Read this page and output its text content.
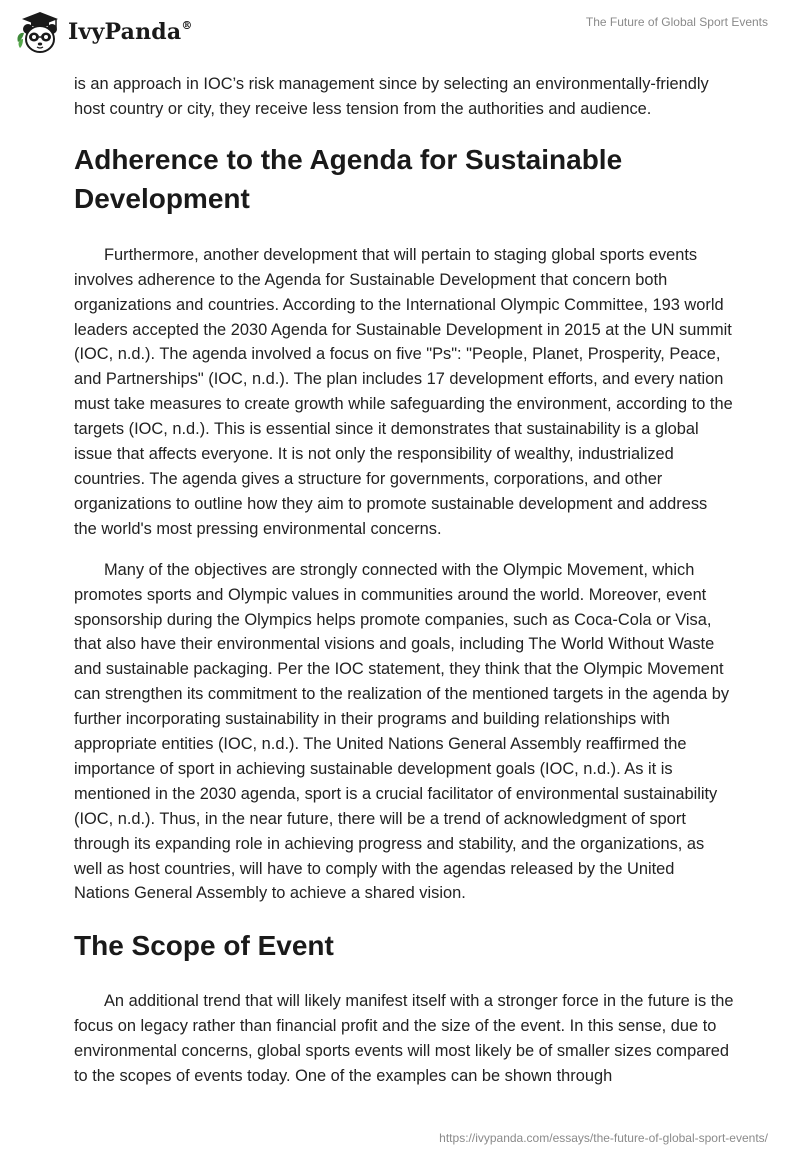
IvyPanda®	The Future of Global Sport Events

is an approach in IOC’s risk management since by selecting an environmentally-friendly host country or city, they receive less tension from the authorities and audience.

Adherence to the Agenda for Sustainable Development

Furthermore, another development that will pertain to staging global sports events involves adherence to the Agenda for Sustainable Development that concern both organizations and countries. According to the International Olympic Committee, 193 world leaders accepted the 2030 Agenda for Sustainable Development in 2015 at the UN summit (IOC, n.d.). The agenda involved a focus on five "Ps": "People, Planet, Prosperity, Peace, and Partnerships" (IOC, n.d.). The plan includes 17 development efforts, and every nation must take measures to create growth while safeguarding the environment, according to the targets (IOC, n.d.). This is essential since it demonstrates that sustainability is a global issue that affects everyone. It is not only the responsibility of wealthy, industrialized countries. The agenda gives a structure for governments, corporations, and other organizations to outline how they aim to promote sustainable development and address the world's most pressing environmental concerns.

Many of the objectives are strongly connected with the Olympic Movement, which promotes sports and Olympic values in communities around the world. Moreover, event sponsorship during the Olympics helps promote companies, such as Coca-Cola or Visa, that also have their environmental visions and goals, including The World Without Waste and sustainable packaging. Per the IOC statement, they think that the Olympic Movement can strengthen its commitment to the realization of the mentioned targets in the agenda by further incorporating sustainability in their programs and building relationships with appropriate entities (IOC, n.d.). The United Nations General Assembly reaffirmed the importance of sport in achieving sustainable development goals (IOC, n.d.). As it is mentioned in the 2030 agenda, sport is a crucial facilitator of environmental sustainability (IOC, n.d.). Thus, in the near future, there will be a trend of acknowledgment of sport through its expanding role in achieving progress and stability, and the organizations, as well as host countries, will have to comply with the agendas released by the United Nations General Assembly to achieve a shared vision.

The Scope of Event

An additional trend that will likely manifest itself with a stronger force in the future is the focus on legacy rather than financial profit and the size of the event. In this sense, due to environmental concerns, global sports events will most likely be of smaller sizes compared to the scopes of events today. One of the examples can be shown through

https://ivypanda.com/essays/the-future-of-global-sport-events/
